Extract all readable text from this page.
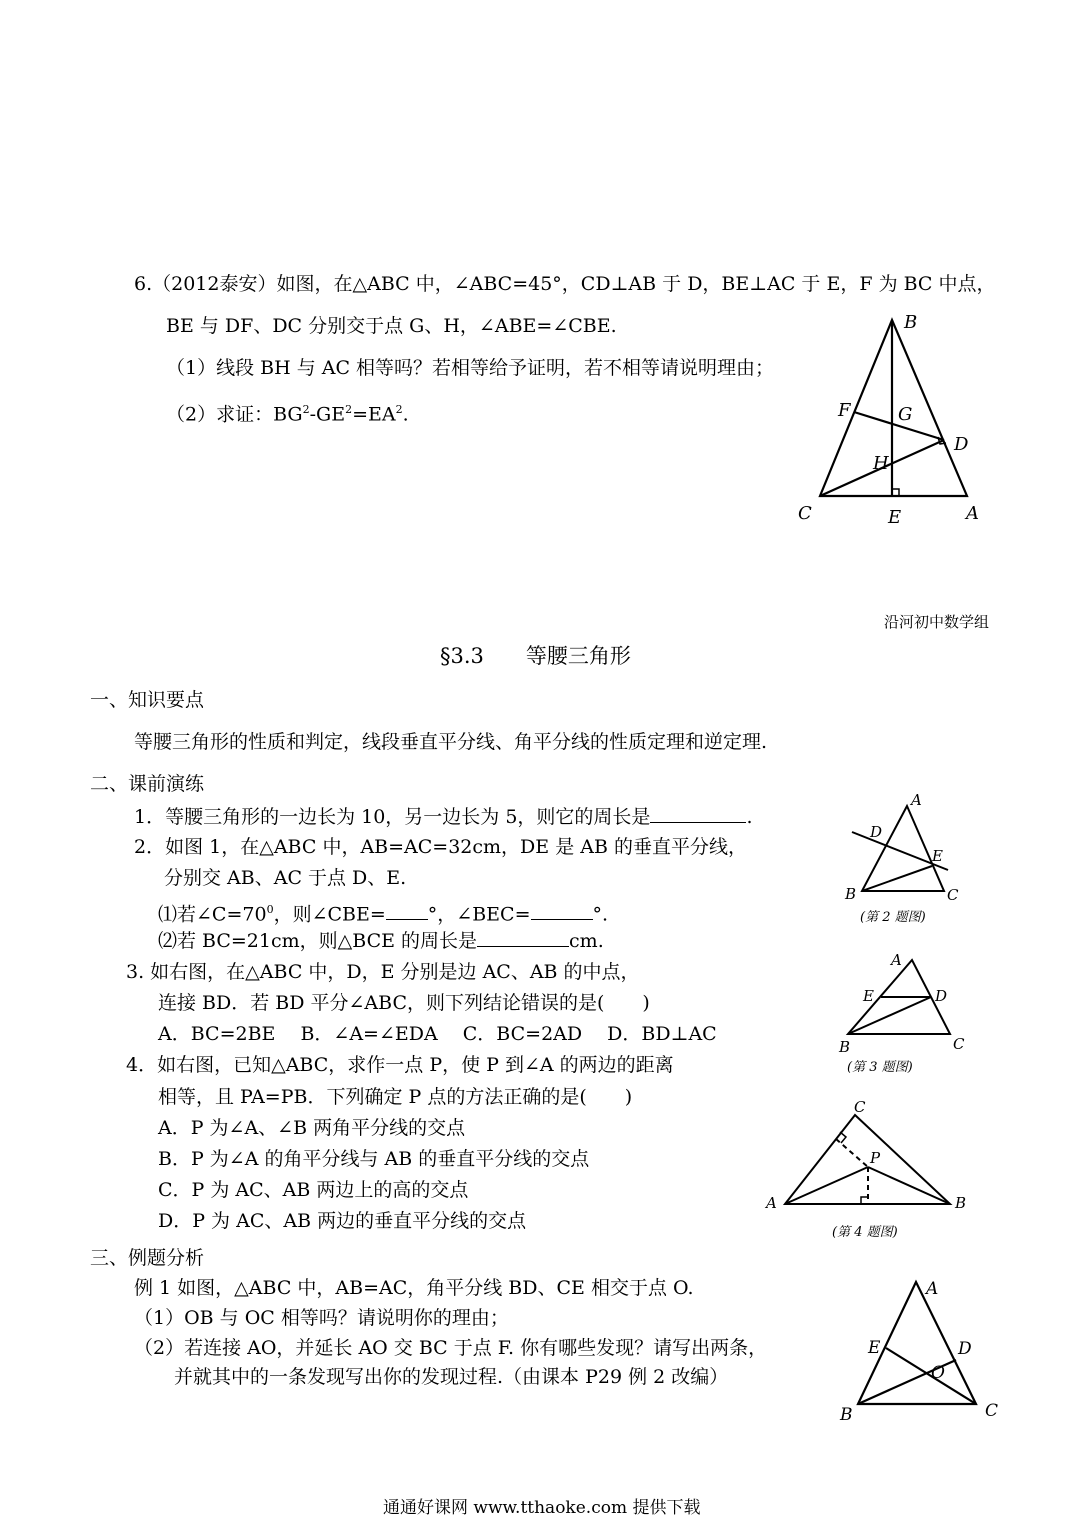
6.（2012泰安）如图，在△ABC 中，∠ABC=45°，CD⊥AB 于 D，BE⊥AC 于 E，F 为 BC 中点，
BE 与 DF、DC 分别交于点 G、H，∠ABE=∠CBE.
（1）线段 BH 与 AC 相等吗？若相等给予证明，若不相等请说明理由；
（2）求证：$BG^2-GE^2=EA^2$.
B
F	G
D
H
C	E	A
沿河初中数学组
§3.3　　等腰三角形
一、知识要点
等腰三角形的性质和判定，线段垂直平分线、角平分线的性质定理和逆定理.
二、课前演练
1．等腰三角形的一边长为 10，另一边长为 5，则它的周长是	.
2．如图 1，在△ABC 中，AB=AC=32cm，DE 是 AB 的垂直平分线，
分别交 AB、AC 于点 D、E.
⑴若$\angle C=70^0$，则∠CBE= °，∠BEC=	°.
⑵若 BC=21cm，则△BCE 的周长是	cm.
3. 如右图，在△ABC 中，D，E 分别是边 AC、AB 的中点，
连接 BD．若 BD 平分∠ABC，则下列结论错误的是( )
A．BC=2BE　 B．∠A=∠EDA　 C．BC=2AD　 D．BD⊥AC
4．如右图，已知△ABC，求作一点 P，使 P 到∠A 的两边的距离
相等，且 PA=PB．下列确定 P 点的方法正确的是( )
A．P 为∠A、∠B 两角平分线的交点
B．P 为∠A 的角平分线与 AB 的垂直平分线的交点
C．P 为 AC、AB 两边上的高的交点
D．P 为 AC、AB 两边的垂直平分线的交点
A
D
E
B	C
(第 2 题图)
A
E	D
B	C
(第 3 题图)
C
P
A	B
(第 4 题图)
三、例题分析
例 1 如图，△ABC 中，AB=AC，角平分线 BD、CE 相交于点 O.
（1）OB 与 OC 相等吗？请说明你的理由；
（2）若连接 AO，并延长 AO 交 BC 于点 F. 你有哪些发现？请写出两条，
并就其中的一条发现写出你的发现过程.（由课本 P29 例 2 改编）
A
E	D
O
B	C
通通好课网 www.tthaoke.com 提供下载
